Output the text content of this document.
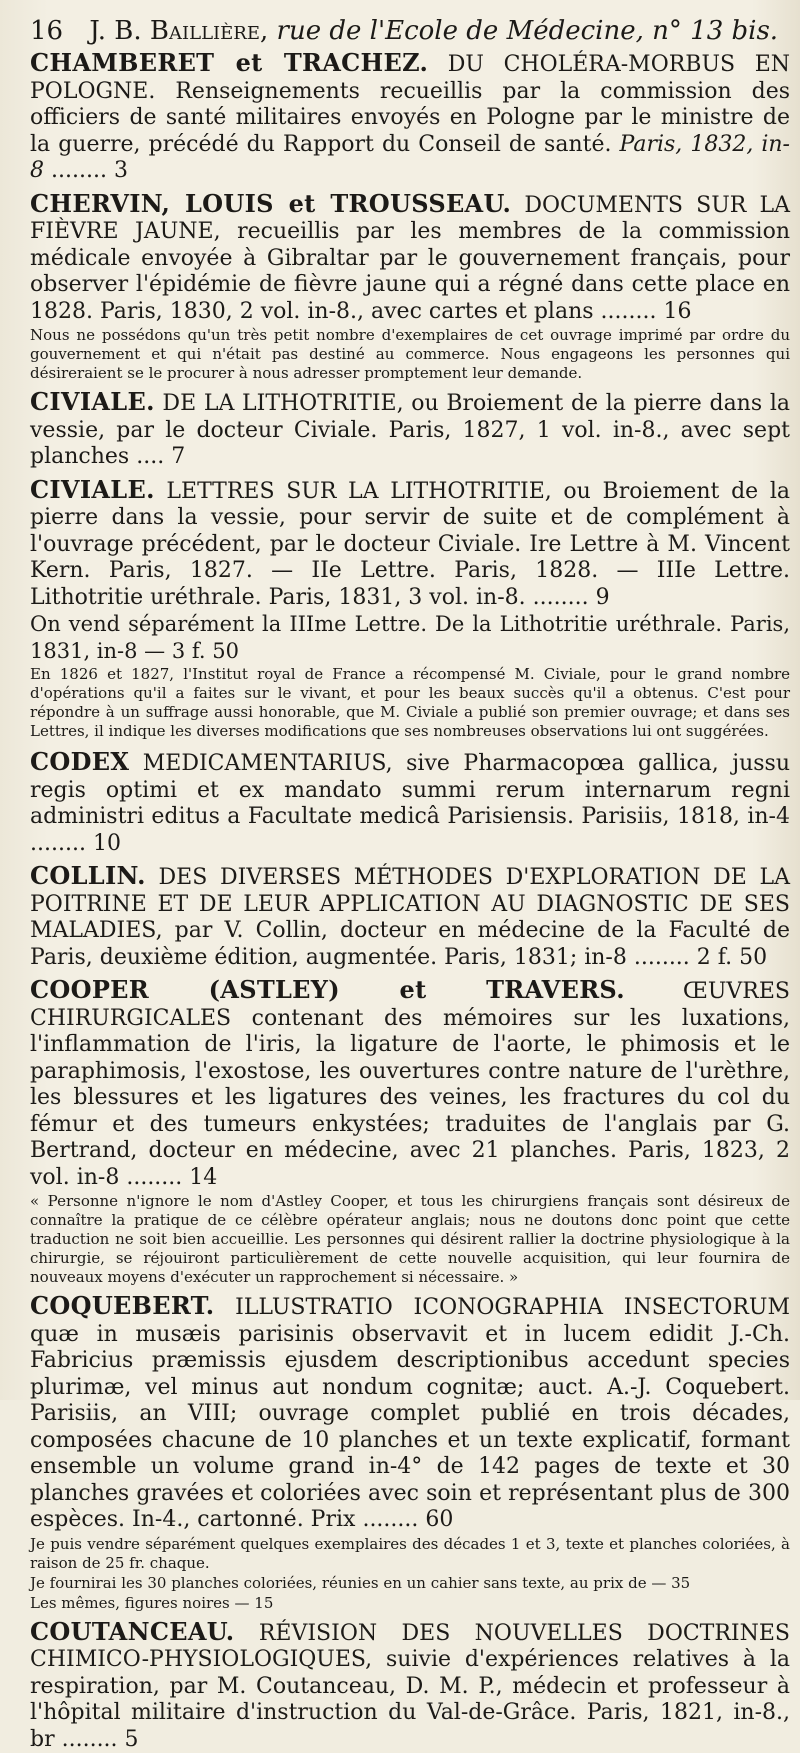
16 J. B. Baillière, rue de l'Ecole de Médecine, n° 13 bis.

CHAMBERET et TRACHEZ. DU CHOLÉRA-MORBUS EN POLOGNE. Renseignements recueillis par la commission des officiers de santé militaires envoyés en Pologne par le ministre de la guerre, précédé du Rapport du Conseil de santé. Paris, 1832, in-8 ........ 3

CHERVIN, LOUIS et TROUSSEAU. DOCUMENTS SUR LA FIÈVRE JAUNE, recueillis par les membres de la commission médicale envoyée à Gibraltar par le gouvernement français, pour observer l'épidémie de fièvre jaune qui a régné dans cette place en 1828. Paris, 1830, 2 vol. in-8., avec cartes et plans ........ 16

Nous ne possédons qu'un très petit nombre d'exemplaires de cet ouvrage imprimé par ordre du gouvernement et qui n'était pas destiné au commerce. Nous engageons les personnes qui désireraient se le procurer à nous adresser promptement leur demande.

CIVIALE. DE LA LITHOTRITIE, ou Broiement de la pierre dans la vessie, par le docteur Civiale. Paris, 1827, 1 vol. in-8., avec sept planches .... 7

CIVIALE. LETTRES SUR LA LITHOTRITIE, ou Broiement de la pierre dans la vessie, pour servir de suite et de complément à l'ouvrage précédent, par le docteur Civiale. Ire Lettre à M. Vincent Kern. Paris, 1827. — IIe Lettre. Paris, 1828. — IIIe Lettre. Lithotritie uréthrale. Paris, 1831, 3 vol. in-8. ........ 9

On vend séparément la IIIme Lettre. De la Lithotritie uréthrale. Paris, 1831, in-8 — 3 f. 50

En 1826 et 1827, l'Institut royal de France a récompensé M. Civiale, pour le grand nombre d'opérations qu'il a faites sur le vivant, et pour les beaux succès qu'il a obtenus. C'est pour répondre à un suffrage aussi honorable, que M. Civiale a publié son premier ouvrage; et dans ses Lettres, il indique les diverses modifications que ses nombreuses observations lui ont suggérées.

CODEX MEDICAMENTARIUS, sive Pharmacopœa gallica, jussu regis optimi et ex mandato summi rerum internarum regni administri editus a Facultate medicâ Parisiensis. Parisiis, 1818, in-4 ........ 10

COLLIN. DES DIVERSES MÉTHODES D'EXPLORATION DE LA POITRINE ET DE LEUR APPLICATION AU DIAGNOSTIC DE SES MALADIES, par V. Collin, docteur en médecine de la Faculté de Paris, deuxième édition, augmentée. Paris, 1831; in-8 ........ 2 f. 50

COOPER (ASTLEY) et TRAVERS. ŒUVRES CHIRURGICALES contenant des mémoires sur les luxations, l'inflammation de l'iris, la ligature de l'aorte, le phimosis et le paraphimosis, l'exostose, les ouvertures contre nature de l'urèthre, les blessures et les ligatures des veines, les fractures du col du fémur et des tumeurs enkystées; traduites de l'anglais par G. Bertrand, docteur en médecine, avec 21 planches. Paris, 1823, 2 vol. in-8 ........ 14

« Personne n'ignore le nom d'Astley Cooper, et tous les chirurgiens français sont désireux de connaître la pratique de ce célèbre opérateur anglais; nous ne doutons donc point que cette traduction ne soit bien accueillie. Les personnes qui désirent rallier la doctrine physiologique à la chirurgie, se réjouiront particulièrement de cette nouvelle acquisition, qui leur fournira de nouveaux moyens d'exécuter un rapprochement si nécessaire. »

COQUEBERT. ILLUSTRATIO ICONOGRAPHIA INSECTORUM quæ in musæis parisinis observavit et in lucem edidit J.-Ch. Fabricius præmissis ejusdem descriptionibus accedunt species plurimæ, vel minus aut nondum cognitæ; auct. A.-J. Coquebert. Parisiis, an VIII; ouvrage complet publié en trois décades, composées chacune de 10 planches et un texte explicatif, formant ensemble un volume grand in-4° de 142 pages de texte et 30 planches gravées et coloriées avec soin et représentant plus de 300 espèces. In-4., cartonné. Prix ........ 60

Je puis vendre séparément quelques exemplaires des décades 1 et 3, texte et planches coloriées, à raison de 25 fr. chaque.
Je fournirai les 30 planches coloriées, réunies en un cahier sans texte, au prix de — 35
Les mêmes, figures noires — 15

COUTANCEAU. RÉVISION DES NOUVELLES DOCTRINES CHIMICO-PHYSIOLOGIQUES, suivie d'expériences relatives à la respiration, par M. Coutanceau, D. M. P., médecin et professeur à l'hôpital militaire d'instruction du Val-de-Grâce. Paris, 1821, in-8., br ........ 5
